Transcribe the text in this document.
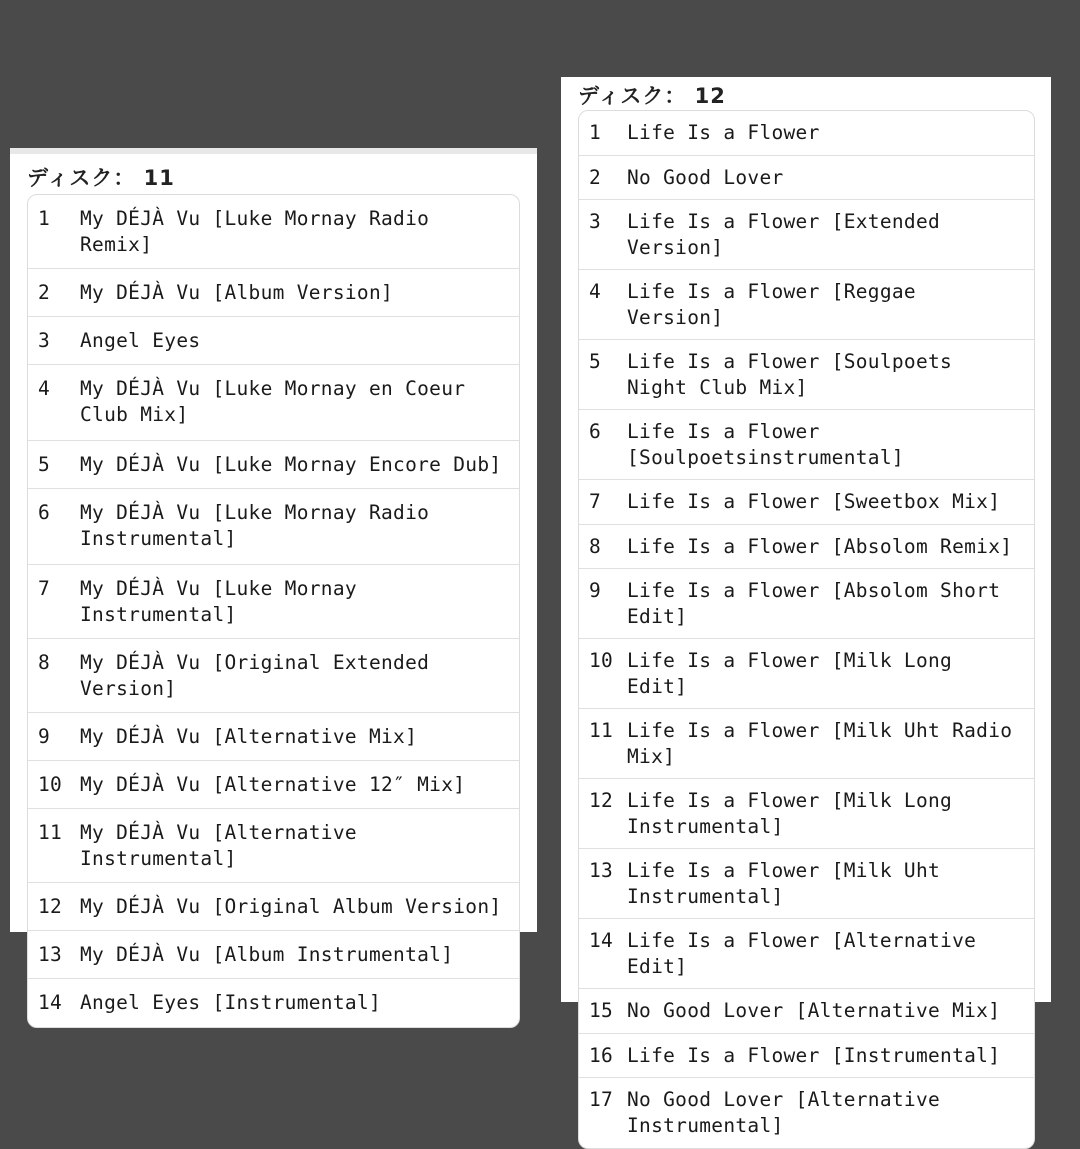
ディスク： 11
1	My DÉJÀ Vu [Luke Mornay Radio Remix]
2	My DÉJÀ Vu [Album Version]
3	Angel Eyes
4	My DÉJÀ Vu [Luke Mornay en Coeur Club Mix]
5	My DÉJÀ Vu [Luke Mornay Encore Dub]
6	My DÉJÀ Vu [Luke Mornay Radio Instrumental]
7	My DÉJÀ Vu [Luke Mornay Instrumental]
8	My DÉJÀ Vu [Original Extended Version]
9	My DÉJÀ Vu [Alternative Mix]
10 My DÉJÀ Vu [Alternative 12″ Mix]
11 My DÉJÀ Vu [Alternative Instrumental]
12 My DÉJÀ Vu [Original Album Version]
13 My DÉJÀ Vu [Album Instrumental]
14 Angel Eyes [Instrumental]
ディスク： 12
1	Life Is a Flower
2	No Good Lover
3	Life Is a Flower [Extended Version]
4	Life Is a Flower [Reggae Version]
5	Life Is a Flower [Soulpoets Night Club Mix]
6	Life Is a Flower [Soulpoetsinstrumental]
7	Life Is a Flower [Sweetbox Mix]
8	Life Is a Flower [Absolom Remix]
9	Life Is a Flower [Absolom Short Edit]
10 Life Is a Flower [Milk Long Edit]
11 Life Is a Flower [Milk Uht Radio Mix]
12 Life Is a Flower [Milk Long Instrumental]
13 Life Is a Flower [Milk Uht Instrumental]
14 Life Is a Flower [Alternative Edit]
15 No Good Lover [Alternative Mix]
16 Life Is a Flower [Instrumental]
17 No Good Lover [Alternative Instrumental]
